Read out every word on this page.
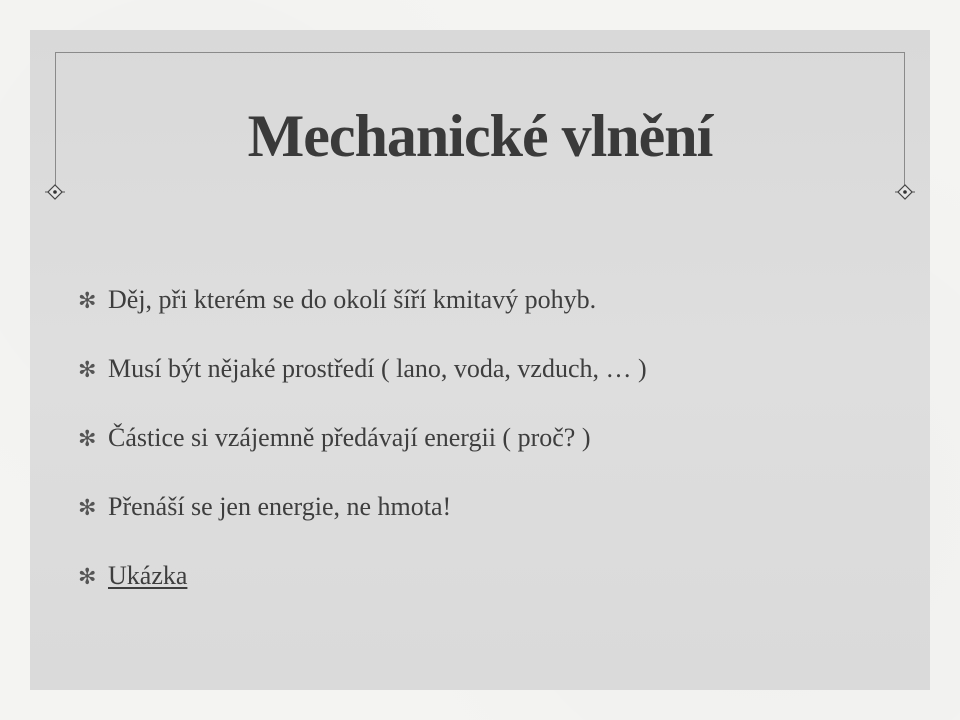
Mechanické vlnění
✻ Děj, při kterém se do okolí šíří kmitavý pohyb.
✻ Musí být nějaké prostředí ( lano, voda, vzduch, … )
✻ Částice si vzájemně předávají energii ( proč? )
✻ Přenáší se jen energie, ne hmota!
✻ Ukázka
